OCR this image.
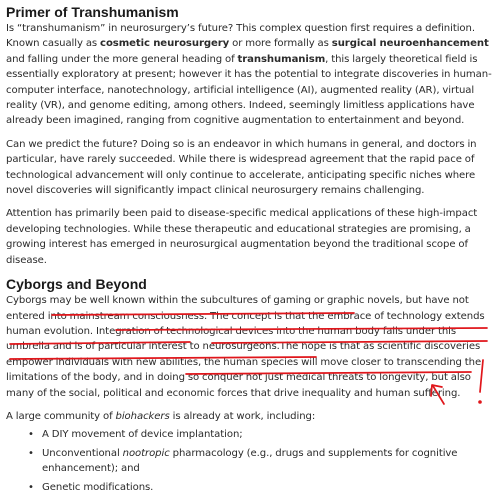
Primer of Transhumanism

Is “transhumanism” in neurosurgery’s future? This complex question first requires a definition. Known casually as cosmetic neurosurgery or more formally as surgical neuroenhancement and falling under the more general heading of transhumanism, this largely theoretical field is essentially exploratory at present; however it has the potential to integrate discoveries in human-computer interface, nanotechnology, artificial intelligence (AI), augmented reality (AR), virtual reality (VR), and genome editing, among others. Indeed, seemingly limitless applications have already been imagined, ranging from cognitive augmentation to entertainment and beyond.

Can we predict the future? Doing so is an endeavor in which humans in general, and doctors in particular, have rarely succeeded. While there is widespread agreement that the rapid pace of technological advancement will only continue to accelerate, anticipating specific niches where novel discoveries will significantly impact clinical neurosurgery remains challenging.

Attention has primarily been paid to disease-specific medical applications of these high-impact developing technologies. While these therapeutic and educational strategies are promising, a growing interest has emerged in neurosurgical augmentation beyond the traditional scope of disease.

Cyborgs and Beyond

Cyborgs may be well known within the subcultures of gaming or graphic novels, but have not entered into mainstream consciousness. The concept is that the embrace of technology extends human evolution. Integration of technological devices into the human body falls under this umbrella and is of particular interest to neurosurgeons.The hope is that as scientific discoveries empower individuals with new abilities, the human species will move closer to transcending the limitations of the body, and in doing so conquer not just medical threats to longevity, but also many of the social, political and economic forces that drive inequality and human suffering.

A large community of biohackers is already at work, including:

• A DIY movement of device implantation;
• Unconventional nootropic pharmacology (e.g., drugs and supplements for cognitive enhancement); and
• Genetic modifications.
